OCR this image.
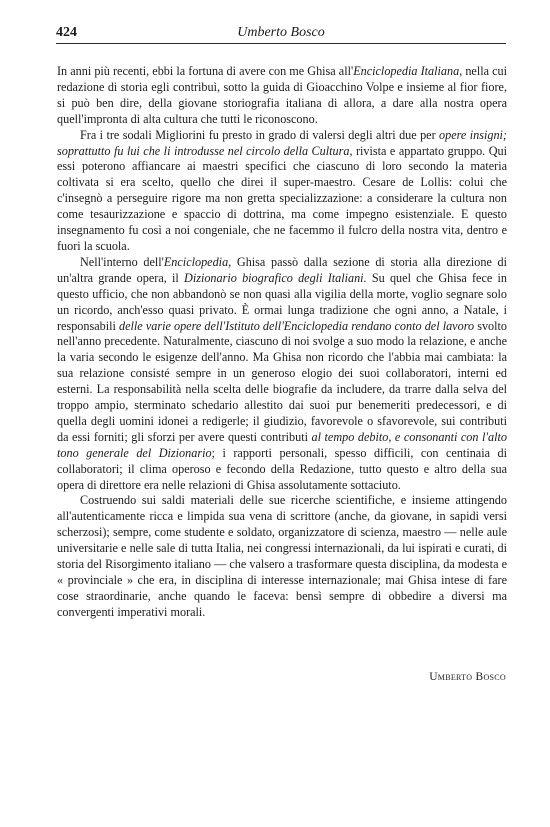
424	Umberto Bosco

In anni più recenti, ebbi la fortuna di avere con me Ghisa all'Enciclopedia Italiana, nella cui redazione di storia egli contribuì, sotto la guida di Gioacchino Volpe e insieme al fior fiore, si può ben dire, della giovane storiografia italiana di allora, a dare alla nostra opera quell'impronta di alta cultura che tutti le riconoscono.

Fra i tre sodali Migliorini fu presto in grado di valersi degli altri due per opere insigni; soprattutto fu lui che li introdusse nel circolo della Cultura, rivista e appartato gruppo. Qui essi poterono affiancare ai maestri specifici che ciascuno di loro secondo la materia coltivata si era scelto, quello che direi il super-maestro. Cesare de Lollis: colui che c'insegnò a perseguire rigore ma non gretta specializzazione: a considerare la cultura non come tesaurizzazione e spaccio di dottrina, ma come impegno esistenziale. E questo insegnamento fu così a noi congeniale, che ne facemmo il fulcro della nostra vita, dentro e fuori la scuola.

Nell'interno dell'Enciclopedia, Ghisa passò dalla sezione di storia alla direzione di un'altra grande opera, il Dizionario biografico degli Italiani. Su quel che Ghisa fece in questo ufficio, che non abbandonò se non quasi alla vigilia della morte, voglio segnare solo un ricordo, anch'esso quasi privato. È ormai lunga tradizione che ogni anno, a Natale, i responsabili delle varie opere dell'Istituto dell'Enciclopedia rendano conto del lavoro svolto nell'anno precedente. Naturalmente, ciascuno di noi svolge a suo modo la relazione, e anche la varia secondo le esigenze dell'anno. Ma Ghisa non ricordo che l'abbia mai cambiata: la sua relazione consisté sempre in un generoso elogio dei suoi collaboratori, interni ed esterni. La responsabilità nella scelta delle biografie da includere, da trarre dalla selva del troppo ampio, sterminato schedario allestito dai suoi pur benemeriti predecessori, e di quella degli uomini idonei a redigerle; il giudizio, favorevole o sfavorevole, sui contributi da essi forniti; gli sforzi per avere questi contributi al tempo debito, e consonanti con l'alto tono generale del Dizionario; i rapporti personali, spesso difficili, con centinaia di collaboratori; il clima operoso e fecondo della Redazione, tutto questo e altro della sua opera di direttore era nelle relazioni di Ghisa assolutamente sottaciuto.

Costruendo sui saldi materiali delle sue ricerche scientifiche, e insieme attingendo all'autenticamente ricca e limpida sua vena di scrittore (anche, da giovane, in sapidi versi scherzosi); sempre, come studente e soldato, organizzatore di scienza, maestro — nelle aule universitarie e nelle sale di tutta Italia, nei congressi internazionali, da lui ispirati e curati, di storia del Risorgimento italiano — che valsero a trasformare questa disciplina, da modesta e « provinciale » che era, in disciplina di interesse internazionale; mai Ghisa intese di fare cose straordinarie, anche quando le faceva: bensì sempre di obbedire a diversi ma convergenti imperativi morali.

Umberto Bosco
